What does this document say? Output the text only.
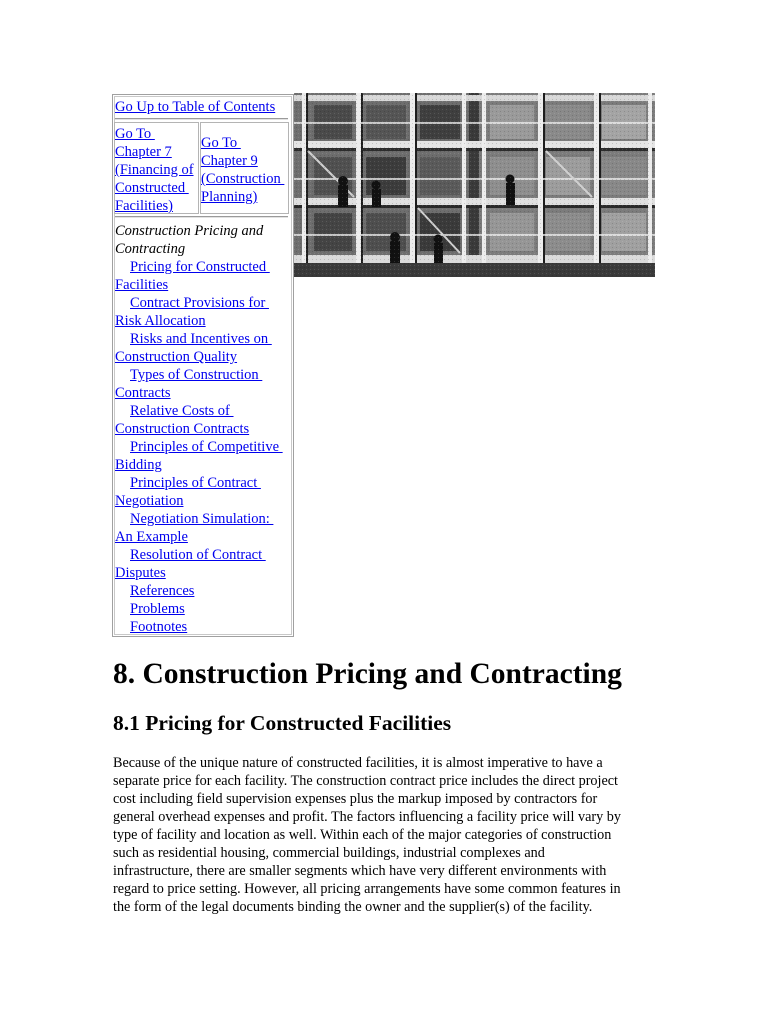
Go Up to Table of Contents
Go To
Chapter 7
(Financing of
Constructed
Facilities)
Go To
Chapter 9
(Construction
Planning)
Construction Pricing and
Contracting
Pricing for Constructed
Facilities
Contract Provisions for
Risk Allocation
Risks and Incentives on
Construction Quality
Types of Construction
Contracts
Relative Costs of
Construction Contracts
Principles of Competitive
Bidding
Principles of Contract
Negotiation
Negotiation Simulation:
An Example
Resolution of Contract
Disputes
References
Problems
Footnotes
8. Construction Pricing and Contracting
8.1 Pricing for Constructed Facilities

Because of the unique nature of constructed facilities, it is almost imperative to have a
separate price for each facility. The construction contract price includes the direct project
cost including field supervision expenses plus the markup imposed by contractors for
general overhead expenses and profit. The factors influencing a facility price will vary by
type of facility and location as well. Within each of the major categories of construction
such as residential housing, commercial buildings, industrial complexes and
infrastructure, there are smaller segments which have very different environments with
regard to price setting. However, all pricing arrangements have some common features in
the form of the legal documents binding the owner and the supplier(s) of the facility.
